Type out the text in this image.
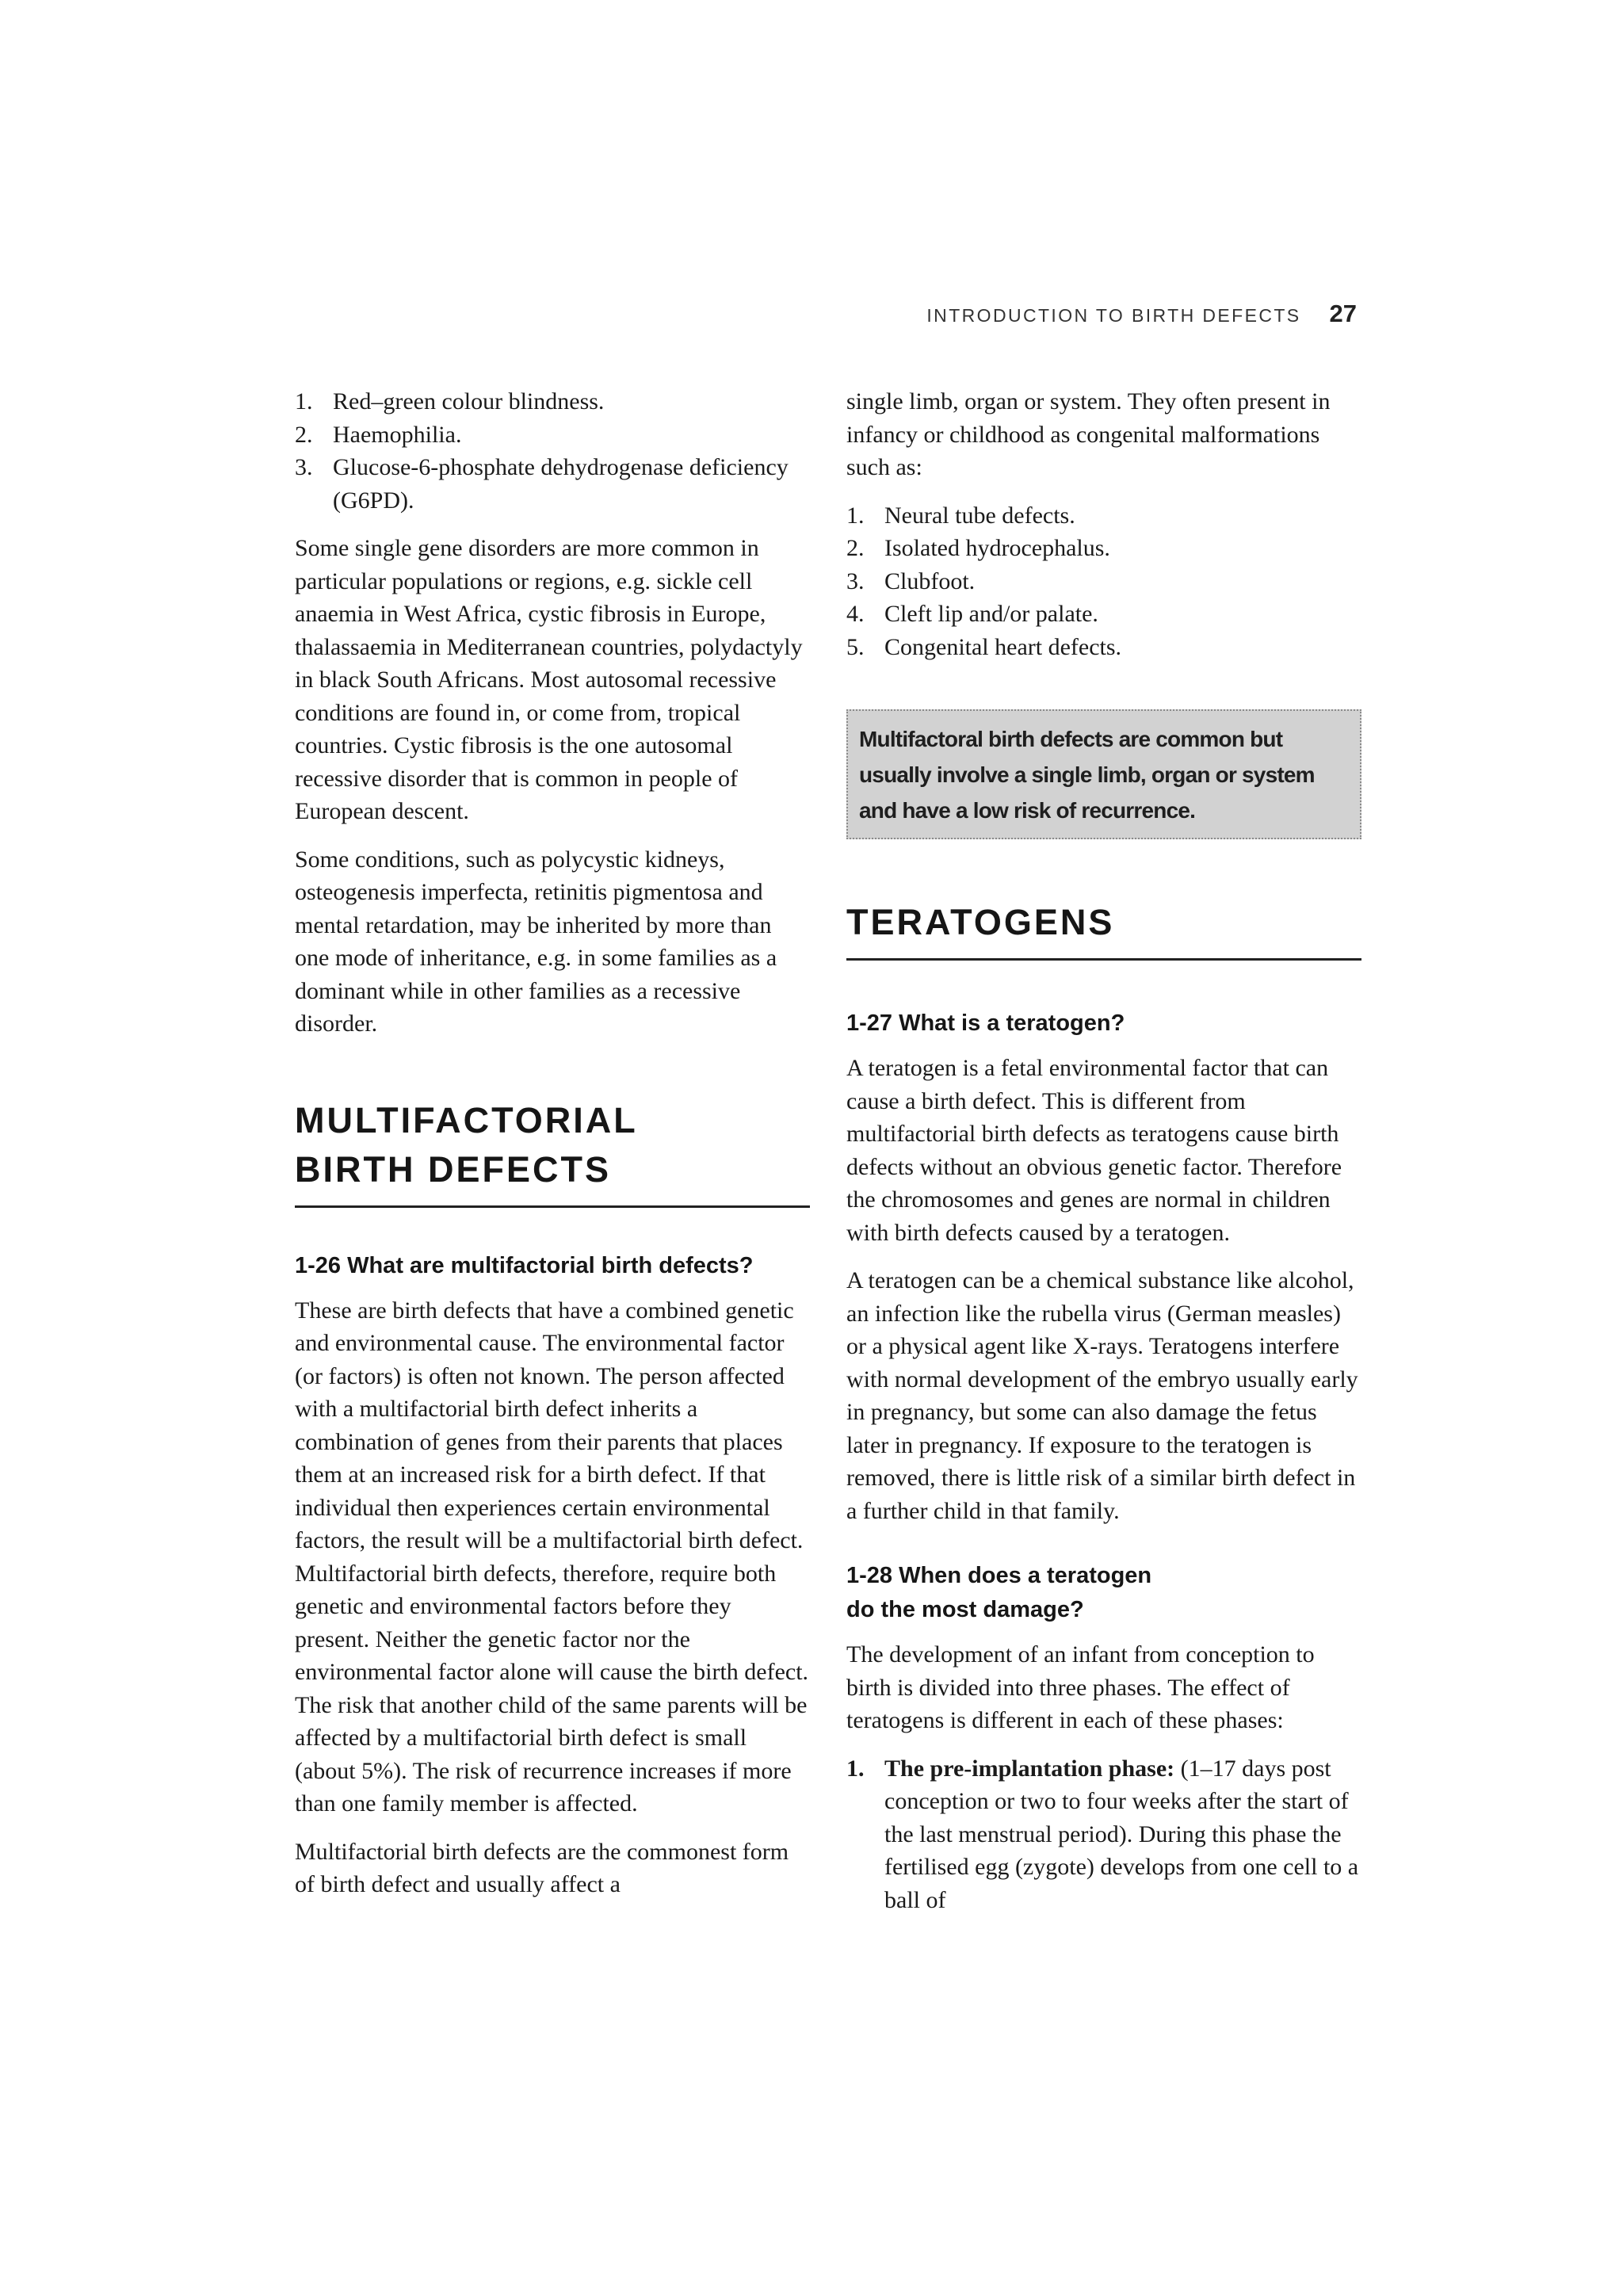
INTRODUCTION TO BIRTH DEFECTS 27
1. Red–green colour blindness.
2. Haemophilia.
3. Glucose-6-phosphate dehydrogenase deficiency (G6PD).

Some single gene disorders are more common in particular populations or regions, e.g. sickle cell anaemia in West Africa, cystic fibrosis in Europe, thalassaemia in Mediterranean countries, polydactyly in black South Africans. Most autosomal recessive conditions are found in, or come from, tropical countries. Cystic fibrosis is the one autosomal recessive disorder that is common in people of European descent.

Some conditions, such as polycystic kidneys, osteogenesis imperfecta, retinitis pigmentosa and mental retardation, may be inherited by more than one mode of inheritance, e.g. in some families as a dominant while in other families as a recessive disorder.

MULTIFACTORIAL
BIRTH DEFECTS
1-26 What are multifactorial birth defects?

These are birth defects that have a combined genetic and environmental cause. The environmental factor (or factors) is often not known. The person affected with a multifactorial birth defect inherits a combination of genes from their parents that places them at an increased risk for a birth defect. If that individual then experiences certain environmental factors, the result will be a multifactorial birth defect. Multifactorial birth defects, therefore, require both genetic and environmental factors before they present. Neither the genetic factor nor the environmental factor alone will cause the birth defect. The risk that another child of the same parents will be affected by a multifactorial birth defect is small (about 5%). The risk of recurrence increases if more than one family member is affected.

Multifactorial birth defects are the commonest form of birth defect and usually affect a

single limb, organ or system. They often present in infancy or childhood as congenital malformations such as:

1. Neural tube defects.
2. Isolated hydrocephalus.
3. Clubfoot.
4. Cleft lip and/or palate.
5. Congenital heart defects.
Multifactoral birth defects are common but usually involve a single limb, organ or system and have a low risk of recurrence.
TERATOGENS
1-27 What is a teratogen?

A teratogen is a fetal environmental factor that can cause a birth defect. This is different from multifactorial birth defects as teratogens cause birth defects without an obvious genetic factor. Therefore the chromosomes and genes are normal in children with birth defects caused by a teratogen.

A teratogen can be a chemical substance like alcohol, an infection like the rubella virus (German measles) or a physical agent like X-rays. Teratogens interfere with normal development of the embryo usually early in pregnancy, but some can also damage the fetus later in pregnancy. If exposure to the teratogen is removed, there is little risk of a similar birth defect in a further child in that family.

1-28 When does a teratogen
do the most damage?

The development of an infant from conception to birth is divided into three phases. The effect of teratogens is different in each of these phases:

1. The pre-implantation phase: (1–17 days post conception or two to four weeks after the start of the last menstrual period). During this phase the fertilised egg (zygote) develops from one cell to a ball of
